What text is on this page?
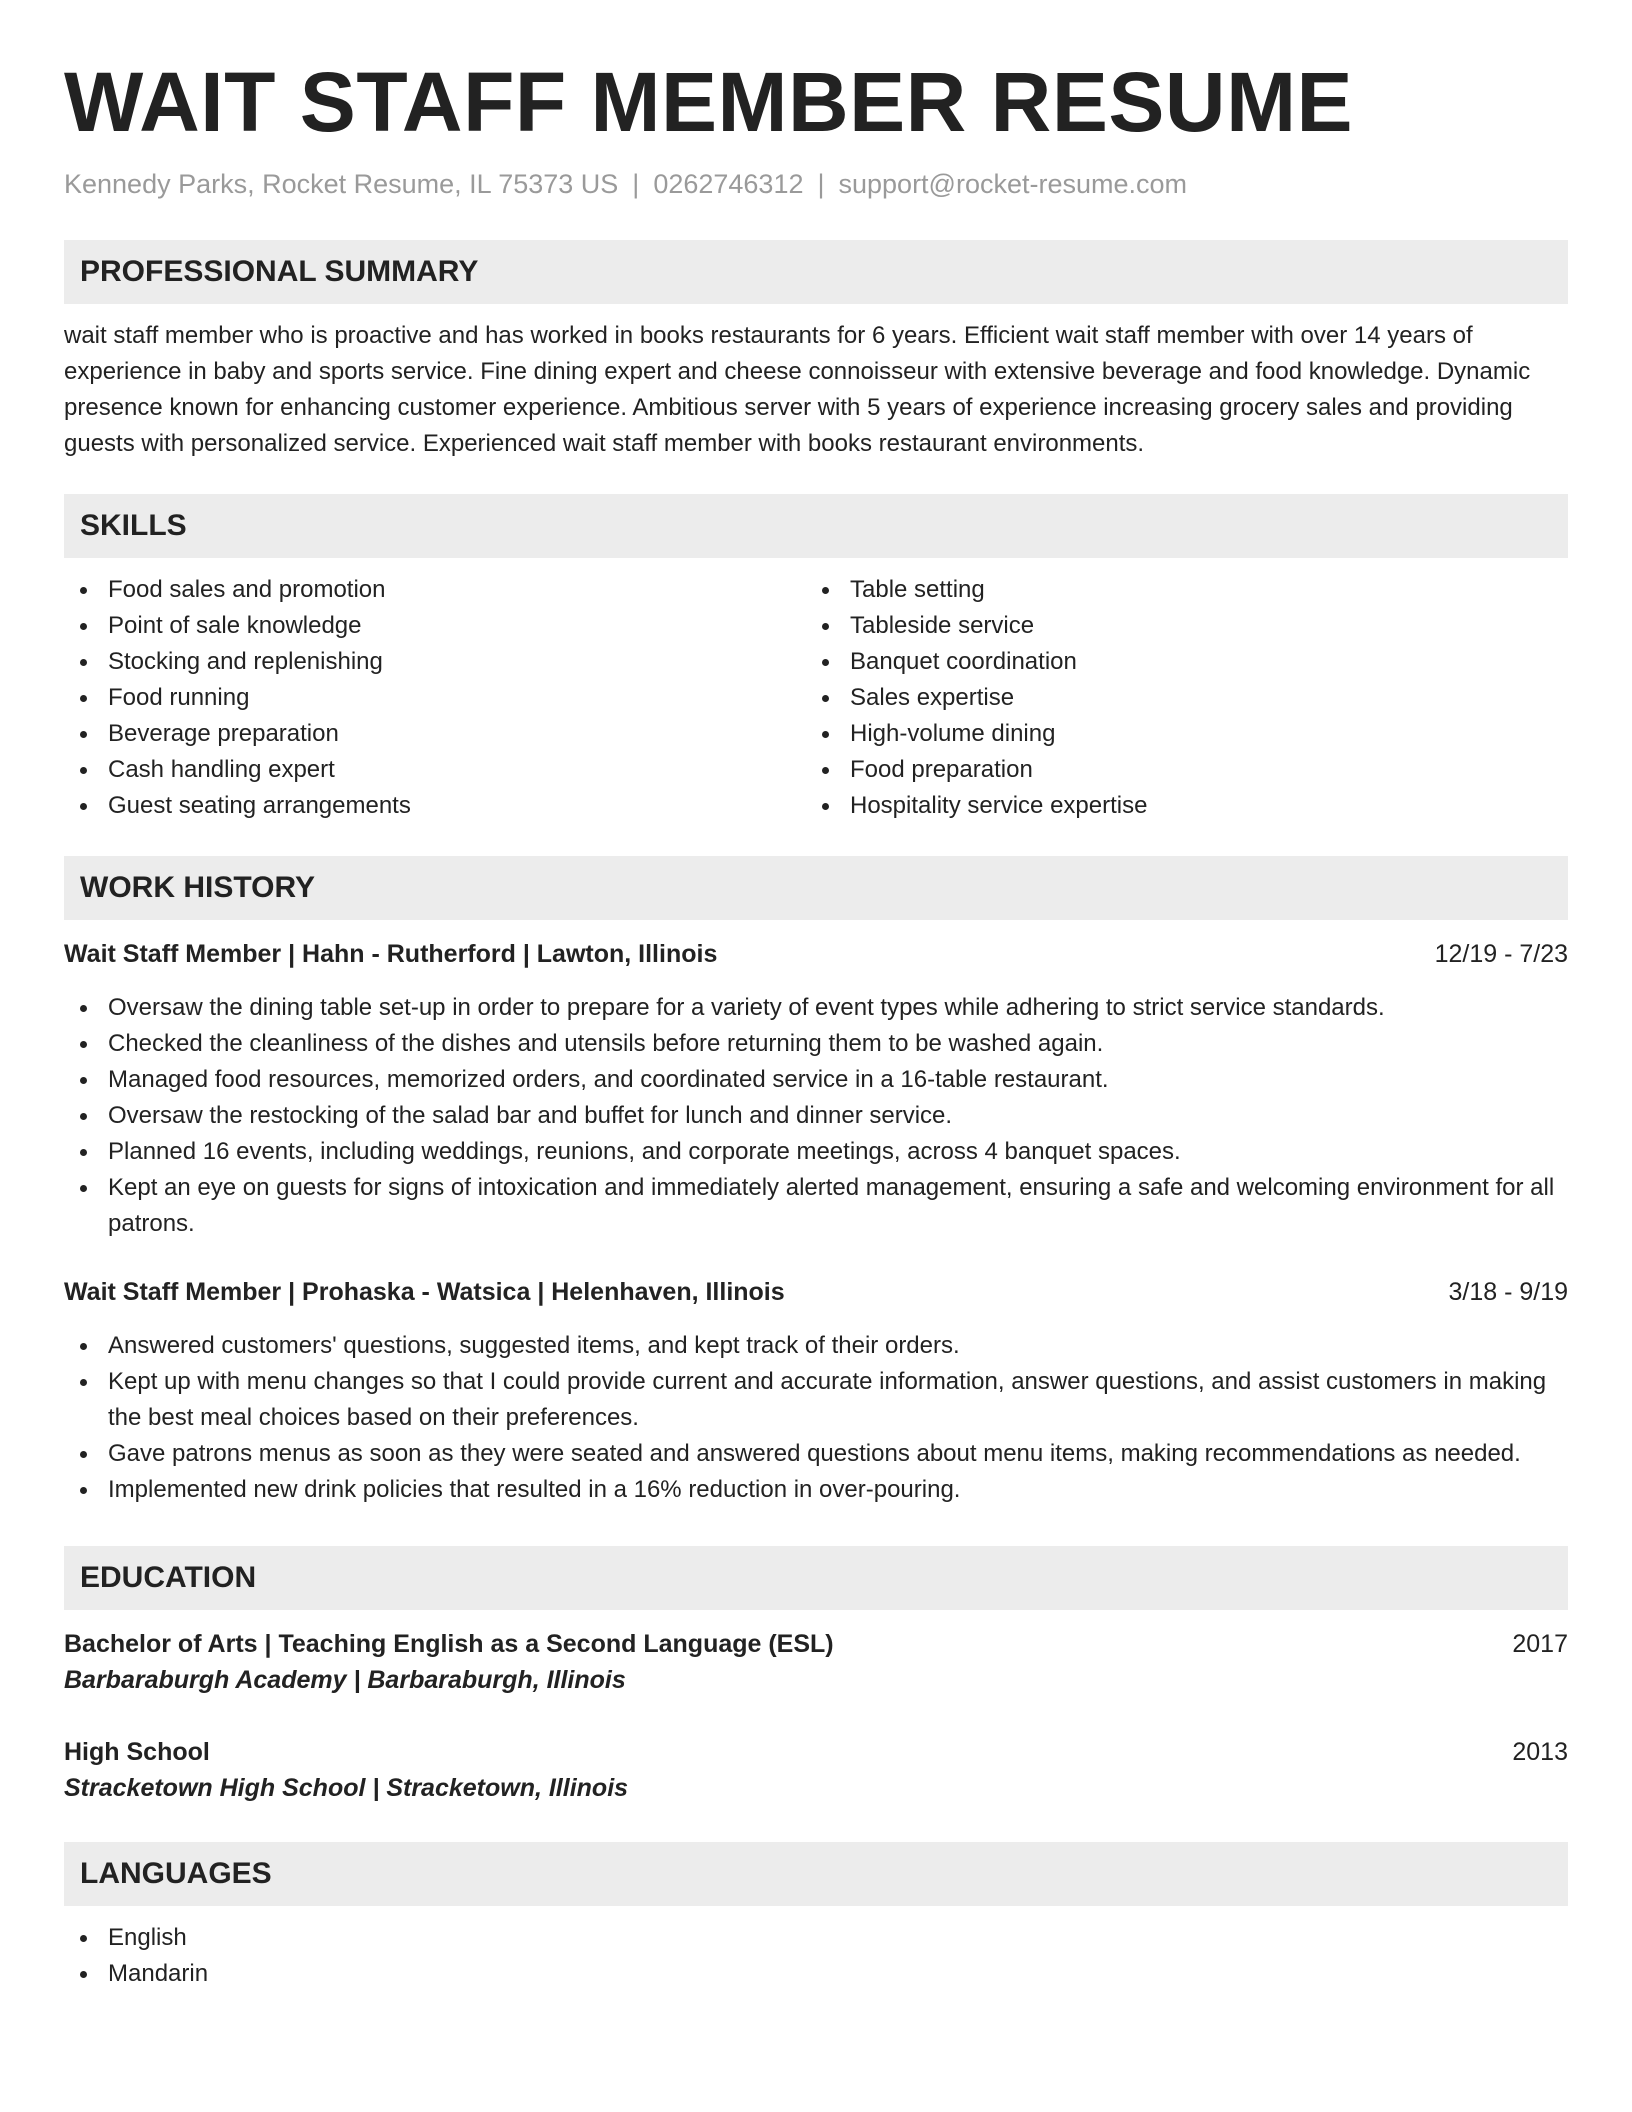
WAIT STAFF MEMBER RESUME
Kennedy Parks, Rocket Resume, IL 75373 US | 0262746312 | support@rocket-resume.com
PROFESSIONAL SUMMARY

wait staff member who is proactive and has worked in books restaurants for 6 years. Efficient wait staff member with over 14 years of experience in baby and sports service. Fine dining expert and cheese connoisseur with extensive beverage and food knowledge. Dynamic presence known for enhancing customer experience. Ambitious server with 5 years of experience increasing grocery sales and providing guests with personalized service. Experienced wait staff member with books restaurant environments.

SKILLS
Food sales and promotion
Point of sale knowledge
Stocking and replenishing
Food running
Beverage preparation
Cash handling expert
Guest seating arrangements
Table setting
Tableside service
Banquet coordination
Sales expertise
High-volume dining
Food preparation
Hospitality service expertise
WORK HISTORY
Wait Staff Member | Hahn - Rutherford | Lawton, Illinois	12/19 - 7/23
Oversaw the dining table set-up in order to prepare for a variety of event types while adhering to strict service standards.
Checked the cleanliness of the dishes and utensils before returning them to be washed again.
Managed food resources, memorized orders, and coordinated service in a 16-table restaurant.
Oversaw the restocking of the salad bar and buffet for lunch and dinner service.
Planned 16 events, including weddings, reunions, and corporate meetings, across 4 banquet spaces.
Kept an eye on guests for signs of intoxication and immediately alerted management, ensuring a safe and welcoming environment for all patrons.
Wait Staff Member | Prohaska - Watsica | Helenhaven, Illinois	3/18 - 9/19
Answered customers' questions, suggested items, and kept track of their orders.
Kept up with menu changes so that I could provide current and accurate information, answer questions, and assist customers in making the best meal choices based on their preferences.
Gave patrons menus as soon as they were seated and answered questions about menu items, making recommendations as needed.
Implemented new drink policies that resulted in a 16% reduction in over-pouring.
EDUCATION
Bachelor of Arts | Teaching English as a Second Language (ESL)	2017
Barbaraburgh Academy | Barbaraburgh, Illinois
High School	2013
Stracketown High School | Stracketown, Illinois
LANGUAGES
English
Mandarin
